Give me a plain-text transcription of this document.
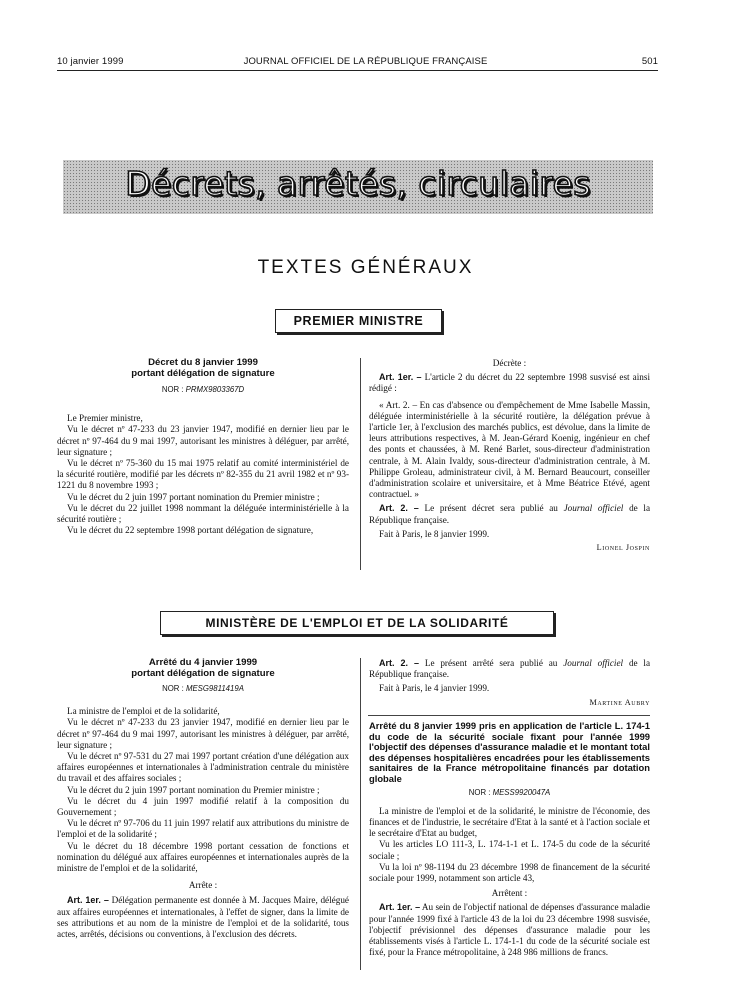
10 janvier 1999	JOURNAL OFFICIEL DE LA RÉPUBLIQUE FRANÇAISE	501
Décrets, arrêtés, circulaires
TEXTES GÉNÉRAUX
PREMIER MINISTRE
Décret du 8 janvier 1999
portant délégation de signature
NOR : PRMX9803367D

Le Premier ministre,

Vu le décret nº 47-233 du 23 janvier 1947, modifié en dernier lieu par le décret nº 97-464 du 9 mai 1997, autorisant les ministres à déléguer, par arrêté, leur signature ;

Vu le décret nº 75-360 du 15 mai 1975 relatif au comité interministériel de la sécurité routière, modifié par les décrets nº 82-355 du 21 avril 1982 et nº 93-1221 du 8 novembre 1993 ;

Vu le décret du 2 juin 1997 portant nomination du Premier ministre ;

Vu le décret du 22 juillet 1998 nommant la déléguée interministérielle à la sécurité routière ;

Vu le décret du 22 septembre 1998 portant délégation de signature,

Décrète :

Art. 1er. – L'article 2 du décret du 22 septembre 1998 susvisé est ainsi rédigé :

« Art. 2. – En cas d'absence ou d'empêchement de Mme Isabelle Massin, déléguée interministérielle à la sécurité routière, la délégation prévue à l'article 1er, à l'exclusion des marchés publics, est dévolue, dans la limite de leurs attributions respectives, à M. Jean-Gérard Koenig, ingénieur en chef des ponts et chaussées, à M. René Barlet, sous-directeur d'administration centrale, à M. Alain Ivaldy, sous-directeur d'administration centrale, à M. Philippe Groleau, administrateur civil, à M. Bernard Beaucourt, conseiller d'administration scolaire et universitaire, et à Mme Béatrice Etévé, agent contractuel. »

Art. 2. – Le présent décret sera publié au Journal officiel de la République française.

Fait à Paris, le 8 janvier 1999.

Lionel Jospin
MINISTÈRE DE L'EMPLOI ET DE LA SOLIDARITÉ
Arrêté du 4 janvier 1999
portant délégation de signature
NOR : MESG9811419A

La ministre de l'emploi et de la solidarité,

Vu le décret nº 47-233 du 23 janvier 1947, modifié en dernier lieu par le décret nº 97-464 du 9 mai 1997, autorisant les ministres à déléguer, par arrêté, leur signature ;

Vu le décret nº 97-531 du 27 mai 1997 portant création d'une délégation aux affaires européennes et internationales à l'administration centrale du ministère du travail et des affaires sociales ;

Vu le décret du 2 juin 1997 portant nomination du Premier ministre ;

Vu le décret du 4 juin 1997 modifié relatif à la composition du Gouvernement ;

Vu le décret nº 97-706 du 11 juin 1997 relatif aux attributions du ministre de l'emploi et de la solidarité ;

Vu le décret du 18 décembre 1998 portant cessation de fonctions et nomination du délégué aux affaires européennes et internationales auprès de la ministre de l'emploi et de la solidarité,

Arrête :

Art. 1er. – Délégation permanente est donnée à M. Jacques Maire, délégué aux affaires européennes et internationales, à l'effet de signer, dans la limite de ses attributions et au nom de la ministre de l'emploi et de la solidarité, tous actes, arrêtés, décisions ou conventions, à l'exclusion des décrets.

Art. 2. – Le présent arrêté sera publié au Journal officiel de la République française.

Fait à Paris, le 4 janvier 1999.

Martine Aubry
Arrêté du 8 janvier 1999 pris en application de l'article L. 174-1 du code de la sécurité sociale fixant pour l'année 1999 l'objectif des dépenses d'assurance maladie et le montant total des dépenses hospitalières encadrées pour les établissements sanitaires de la France métropolitaine financés par dotation globale
NOR : MESS9920047A

La ministre de l'emploi et de la solidarité, le ministre de l'économie, des finances et de l'industrie, le secrétaire d'Etat à la santé et à l'action sociale et le secrétaire d'Etat au budget,

Vu les articles LO 111-3, L. 174-1-1 et L. 174-5 du code de la sécurité sociale ;

Vu la loi nº 98-1194 du 23 décembre 1998 de financement de la sécurité sociale pour 1999, notamment son article 43,

Arrêtent :

Art. 1er. – Au sein de l'objectif national de dépenses d'assurance maladie pour l'année 1999 fixé à l'article 43 de la loi du 23 décembre 1998 susvisée, l'objectif prévisionnel des dépenses d'assurance maladie pour les établissements visés à l'article L. 174-1-1 du code de la sécurité sociale est fixé, pour la France métropolitaine, à 248 986 millions de francs.
